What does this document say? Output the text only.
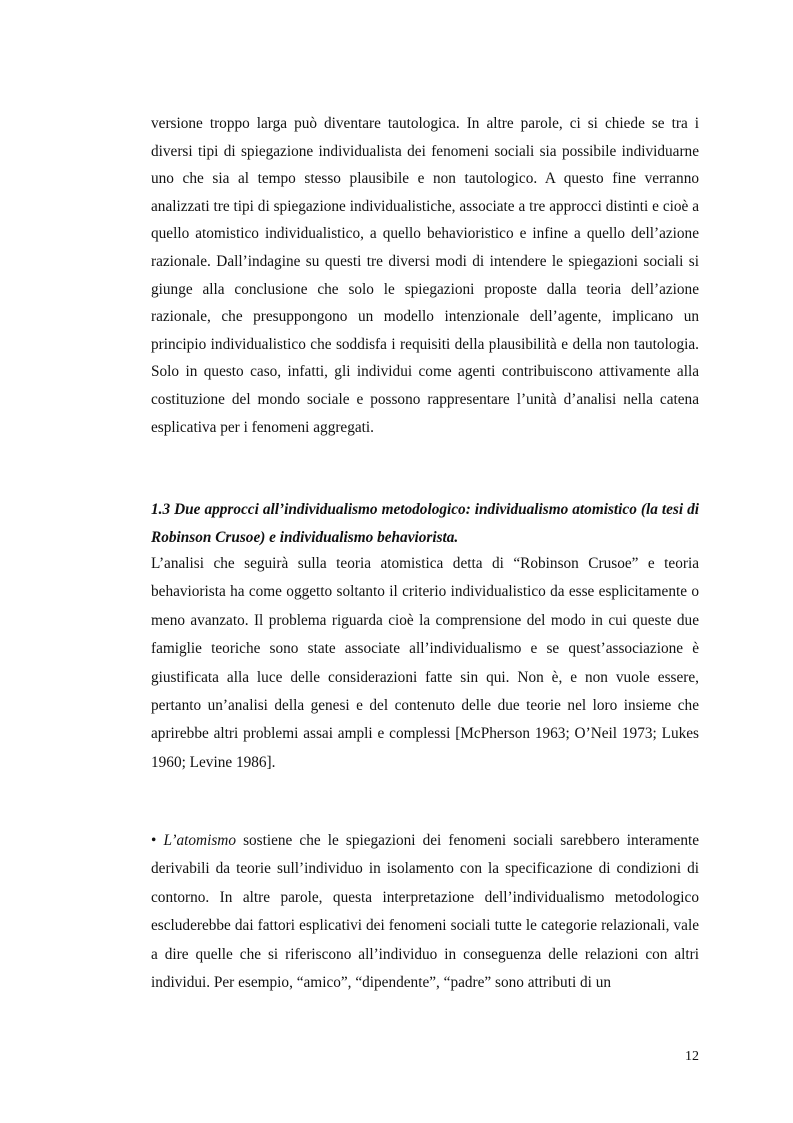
versione troppo larga può diventare tautologica. In altre parole, ci si chiede se tra i diversi tipi di spiegazione individualista dei fenomeni sociali sia possibile individuarne uno che sia al tempo stesso plausibile e non tautologico. A questo fine verranno analizzati tre tipi di spiegazione individualistiche, associate a tre approcci distinti e cioè a quello atomistico individualistico, a quello behavioristico e infine a quello dell’azione razionale. Dall’indagine su questi tre diversi modi di intendere le spiegazioni sociali si giunge alla conclusione che solo le spiegazioni proposte dalla teoria dell’azione razionale, che presuppongono un modello intenzionale dell’agente, implicano un principio individualistico che soddisfa i requisiti della plausibilità e della non tautologia. Solo in questo caso, infatti, gli individui come agenti contribuiscono attivamente alla costituzione del mondo sociale e possono rappresentare l’unità d’analisi nella catena esplicativa per i fenomeni aggregati.

1.3 Due approcci all’individualismo metodologico: individualismo atomistico (la tesi di Robinson Crusoe) e individualismo behaviorista.

L’analisi che seguirà sulla teoria atomistica detta di “Robinson Crusoe” e teoria behaviorista ha come oggetto soltanto il criterio individualistico da esse esplicitamente o meno avanzato. Il problema riguarda cioè la comprensione del modo in cui queste due famiglie teoriche sono state associate all’individualismo e se quest’associazione è giustificata alla luce delle considerazioni fatte sin qui. Non è, e non vuole essere, pertanto un’analisi della genesi e del contenuto delle due teorie nel loro insieme che aprirebbe altri problemi assai ampli e complessi [McPherson 1963; O’Neil 1973; Lukes 1960; Levine 1986].

• L’atomismo sostiene che le spiegazioni dei fenomeni sociali sarebbero interamente derivabili da teorie sull’individuo in isolamento con la specificazione di condizioni di contorno. In altre parole, questa interpretazione dell’individualismo metodologico escluderebbe dai fattori esplicativi dei fenomeni sociali tutte le categorie relazionali, vale a dire quelle che si riferiscono all’individuo in conseguenza delle relazioni con altri individui. Per esempio, “amico”, “dipendente”, “padre” sono attributi di un

12
